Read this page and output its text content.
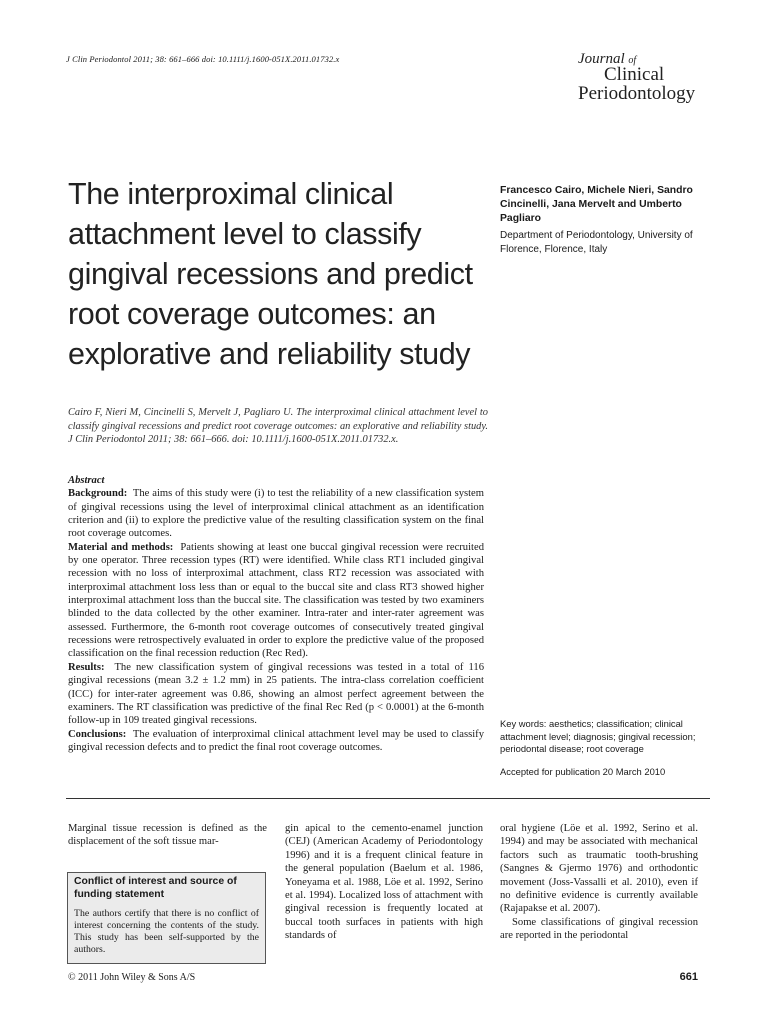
J Clin Periodontol 2011; 38: 661–666 doi: 10.1111/j.1600-051X.2011.01732.x	Journal of
Clinical
Periodontology
The interproximal clinical attachment level to classify gingival recessions and predict root coverage outcomes: an explorative and reliability study
Francesco Cairo, Michele Nieri, Sandro Cincinelli, Jana Mervelt and Umberto Pagliaro
Department of Periodontology, University of Florence, Florence, Italy
Cairo F, Nieri M, Cincinelli S, Mervelt J, Pagliaro U. The interproximal clinical attachment level to classify gingival recessions and predict root coverage outcomes: an explorative and reliability study. J Clin Periodontol 2011; 38: 661–666. doi: 10.1111/j.1600-051X.2011.01732.x.
Abstract

Background: The aims of this study were (i) to test the reliability of a new classification system of gingival recessions using the level of interproximal clinical attachment as an identification criterion and (ii) to explore the predictive value of the resulting classification system on the final root coverage outcomes.

Material and methods: Patients showing at least one buccal gingival recession were recruited by one operator. Three recession types (RT) were identified. While class RT1 included gingival recession with no loss of interproximal attachment, class RT2 recession was associated with interproximal attachment loss less than or equal to the buccal site and class RT3 showed higher interproximal attachment loss than the buccal site. The classification was tested by two examiners blinded to the data collected by the other examiner. Intra-rater and inter-rater agreement was assessed. Furthermore, the 6-month root coverage outcomes of consecutively treated gingival recessions were retrospectively evaluated in order to explore the predictive value of the proposed classification on the final recession reduction (Rec Red).

Results: The new classification system of gingival recessions was tested in a total of 116 gingival recessions (mean 3.2 ± 1.2 mm) in 25 patients. The intra-class correlation coefficient (ICC) for inter-rater agreement was 0.86, showing an almost perfect agreement between the examiners. The RT classification was predictive of the final Rec Red (p < 0.0001) at the 6-month follow-up in 109 treated gingival recessions.

Conclusions: The evaluation of interproximal clinical attachment level may be used to classify gingival recession defects and to predict the final root coverage outcomes.

Key words: aesthetics; classification; clinical attachment level; diagnosis; gingival recession; periodontal disease; root coverage
Accepted for publication 20 March 2010

Marginal tissue recession is defined as the displacement of the soft tissue mar-

Conflict of interest and source of funding statement
The authors certify that there is no conflict of interest concerning the contents of the study. This study has been self-supported by the authors.

gin apical to the cemento-enamel junction (CEJ) (American Academy of Periodontology 1996) and it is a frequent clinical feature in the general population (Baelum et al. 1986, Yoneyama et al. 1988, Löe et al. 1992, Serino et al. 1994). Localized loss of attachment with gingival recession is frequently located at buccal tooth surfaces in patients with high standards of

oral hygiene (Löe et al. 1992, Serino et al. 1994) and may be associated with mechanical factors such as traumatic tooth-brushing (Sangnes & Gjermo 1976) and orthodontic movement (Joss-Vassalli et al. 2010), even if no definitive evidence is currently available (Rajapakse et al. 2007).

Some classifications of gingival recession are reported in the periodontal

© 2011 John Wiley & Sons A/S	661
